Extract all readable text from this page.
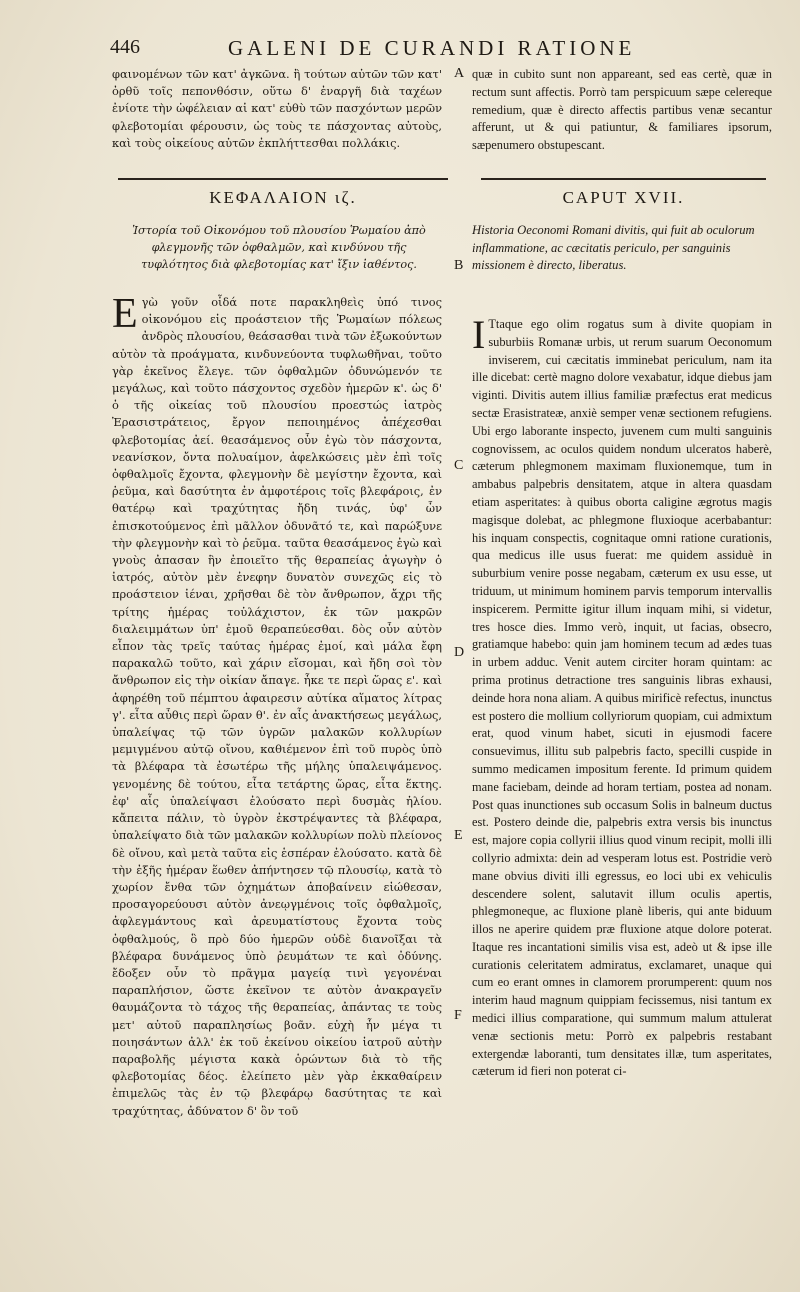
446	GALENI DE CURANDI RATIONE

φαινομένων τῶν κατ' ἀγκῶνα. ἢ τούτων αὐτῶν τῶν κατ' ὀρθῦ τοῖς πεπονθόσιν, οὕτω δ' ἐναργῆ διὰ ταχέων ἐνίοτε τὴν ὠφέλειαν αἱ κατ' εὐθὺ τῶν πασχόντων μερῶν φλεβοτομίαι φέρουσιν, ὡς τοὺς τε πάσχοντας αὐτοὺς, καὶ τοὺς οἰκείους αὐτῶν ἐκπλήττεσθαι πολλάκις.

quæ in cubito sunt non appareant, sed eas certè, quæ in rectum sunt affectis. Porrò tam perspicuum sæpe celereque remedium, quæ è directo affectis partibus venæ secantur afferunt, ut & qui patiuntur, & familiares ipsorum, sæpenumero obstupescant.

A
B
C
D
E
F
ΚΕΦΑΛΑΙΟΝ ιζ.	CAPUT XVII.
Ἱστορία τοῦ Οἰκονόμου τοῦ πλουσίου Ῥωμαίου ἀπὸ φλεγμονῆς τῶν ὀφθαλμῶν, καὶ κινδύνου τῆς τυφλότητος διὰ φλεβοτομίας κατ' ἴξιν ἰαθέντος.
Historia Oeconomi Romani divitis, qui fuit ab oculorum inflammatione, ac cæcitatis periculo, per sanguinis missionem è directo, liberatus.

Εγὼ γοῦν οἶδά ποτε παρακληθεὶς ὑπό τινος οἰκονόμου εἰς προάστειον τῆς Ῥωμαίων πόλεως ἀνδρὸς πλουσίου, θεάσασθαι τινὰ τῶν ἐξωκούντων αὐτὸν τὰ προάγματα, κινδυνεύοντα τυφλωθῆναι, τοῦτο γὰρ ἐκεῖνος ἔλεγε. τῶν ὀφθαλμῶν ὀδυνώμενόν τε μεγάλως, καὶ τοῦτο πάσχοντος σχεδὸν ἡμερῶν κ'. ὡς δ' ὁ τῆς οἰκείας τοῦ πλουσίου προεστώς ἰατρὸς Ἐρασιστράτειος, ἔργον πεποιημένος ἀπέχεσθαι φλεβοτομίας ἀεί. θεασάμενος οὖν ἐγὼ τὸν πάσχοντα, νεανίσκον, ὄντα πολυαίμον, ἀφελκώσεις μὲν ἐπὶ τοῖς ὀφθαλμοῖς ἔχοντα, φλεγμονὴν δὲ μεγίστην ἔχοντα, καὶ ῥεῦμα, καὶ δασύτητα ἐν ἀμφοτέροις τοῖς βλεφάροις, ἐν θατέρῳ καὶ τραχύτητας ἤδη τινάς, ὑφ' ὧν ἐπισκοτούμενος ἐπὶ μᾶλλον ὀδυνᾶτό τε, καὶ παρώξυνε τὴν φλεγμονὴν καὶ τὸ ῥεῦμα. ταῦτα θεασάμενος ἐγὼ καὶ γνοὺς ἀπασαν ἣν ἐποιεῖτο τῆς θεραπείας ἀγωγὴν ὁ ἰατρός, αὐτὸν μὲν ἐνεφην δυνατὸν συνεχῶς εἰς τὸ προάστειον ἰέναι, χρῆσθαι δὲ τὸν ἄνθρωπον, ἄχρι τῆς τρίτης ἡμέρας τοὐλάχιστον, ἐκ τῶν μακρῶν διαλειμμάτων ὑπ' ἐμοῦ θεραπεύεσθαι. δὸς οὖν αὐτὸν εἶπον τὰς τρεῖς ταύτας ἡμέρας ἐμοί, καὶ μάλα ἔφη παρακαλῶ τοῦτο, καὶ χάριν εἴσομαι, καὶ ἤδη σοὶ τὸν ἄνθρωπον εἰς τὴν οἰκίαν ἄπαγε. ἧκε τε περὶ ὥρας ε'. καὶ ἀφηρέθη τοῦ πέμπτου ἀφαιρεσιν αὐτίκα αἵματος λίτρας γ'. εἶτα αὖθις περὶ ὥραν θ'. ἐν αἷς ἀνακτήσεως μεγάλως, ὑπαλείψας τῷ τῶν ὑγρῶν μαλακῶν κολλυρίων μεμιγμένου αὐτῷ οἴνου, καθιέμενον ἐπὶ τοῦ πυρὸς ὑπὸ τὰ βλέφαρα τὰ ἐσωτέρω τῆς μήλης ὑπαλειψάμενος. γενομένης δὲ τούτου, εἶτα τετάρτης ὥρας, εἶτα ἕκτης. ἐφ' αἷς ὑπαλείψασι ἐλούσατο περὶ δυσμὰς ἡλίου. κἄπειτα πάλιν, τὸ ὑγρὸν ἐκστρέψαντες τὰ βλέφαρα, ὑπαλείψατο διὰ τῶν μαλακῶν κολλυρίων πολὺ πλείονος δὲ οἴνου, καὶ μετὰ ταῦτα εἰς ἑσπέραν ἐλούσατο. κατὰ δὲ τὴν ἐξῆς ἡμέραν ἕωθεν ἀπήντησεν τῷ πλουσίῳ, κατὰ τὸ χωρίον ἔνθα τῶν ὀχημάτων ἀποβαίνειν εἰώθεσαν, προσαγορεύουσι αὐτὸν ἀνεῳγμένοις τοῖς ὀφθαλμοῖς, ἀφλεγμάντους καὶ ἀρευματίστους ἔχοντα τοὺς ὀφθαλμούς, ὃ πρὸ δύο ἡμερῶν οὐδὲ διανοῖξαι τὰ βλέφαρα δυνάμενος ὑπὸ ῥευμάτων τε καὶ ὀδύνης. ἔδοξεν οὖν τὸ πρᾶγμα μαγείᾳ τινὶ γεγονέναι παραπλήσιον, ὥστε ἐκεῖνον τε αὐτὸν ἀνακραγεῖν θαυμάζοντα τὸ τάχος τῆς θεραπείας, ἀπάντας τε τοὺς μετ' αὐτοῦ παραπλησίως βοᾶν. εὐχὴ ἦν μέγα τι ποιησάντων ἀλλ' ἐκ τοῦ ἐκείνου οἰκείου ἰατροῦ αὐτὴν παραβολῆς μέγιστα κακὰ ὁρώντων διὰ τὸ τῆς φλεβοτομίας δέος. ἐλείπετο μὲν γὰρ ἐκκαθαίρειν ἐπιμελῶς τὰς ἐν τῷ βλεφάρῳ δασύτητας τε καὶ τραχύτητας, ἀδύνατον δ' ὂν τοῦ

I Ttaque ego olim rogatus sum à divite quopiam in suburbiis Romanæ urbis, ut rerum suarum Oeconomum inviserem, cui cæcitatis imminebat periculum, nam ita ille dicebat: certè magno dolore vexabatur, idque diebus jam viginti. Divitis autem illius familiæ præfectus erat medicus sectæ Erasistrateæ, anxiè semper venæ sectionem refugiens. Ubi ergo laborante inspecto, juvenem cum multi sanguinis cognovissem, ac oculos quidem nondum ulceratos haberè, cæterum phlegmonem maximam fluxionemque, tum in ambabus palpebris densitatem, atque in altera quasdam etiam asperitates: à quibus oborta caligine ægrotus magis magisque dolebat, ac phlegmone fluxioque acerbabantur: his inquam conspectis, cognitaque omni ratione curationis, qua medicus ille usus fuerat: me quidem assiduè in suburbium venire posse negabam, cæterum ex usu esse, ut triduum, ut minimum hominem parvis temporum intervallis inspicerem. Permitte igitur illum inquam mihi, si videtur, tres hosce dies. Immo verò, inquit, ut facias, obsecro, gratiamque habebo: quin jam hominem tecum ad ædes tuas in urbem adduc. Venit autem circiter horam quintam: ac prima protinus detractione tres sanguinis libras exhausi, deinde hora nona aliam. A quibus mirificè refectus, inunctus est postero die mollium collyriorum quopiam, cui admixtum erat, quod vinum habet, sicuti in ejusmodi facere consuevimus, illitu sub palpebris facto, specilli cuspide in summo medicamen impositum ferente. Id primum quidem mane faciebam, deinde ad horam tertiam, postea ad nonam. Post quas inunctiones sub occasum Solis in balneum ductus est. Postero deinde die, palpebris extra versis bis inunctus est, majore copia collyrii illius quod vinum recipit, molli illi collyrio admixta: dein ad vesperam lotus est. Postridie verò mane obvius diviti illi egressus, eo loci ubi ex vehiculis descendere solent, salutavit illum oculis apertis, phlegmoneque, ac fluxione planè liberis, qui ante biduum illos ne aperire quidem præ fluxione atque dolore poterat. Itaque res incantationi similis visa est, adeò ut & ipse ille curationis celeritatem admiratus, exclamaret, unaque qui cum eo erant omnes in clamorem prorumperent: quum nos interim haud magnum quippiam fecissemus, nisi tantum ex medici illius comparatione, qui summum malum attulerat venæ sectionis metu: Porrò ex palpebris restabant extergendæ laboranti, tum densitates illæ, tum asperitates, cæterum id fieri non poterat ci-
